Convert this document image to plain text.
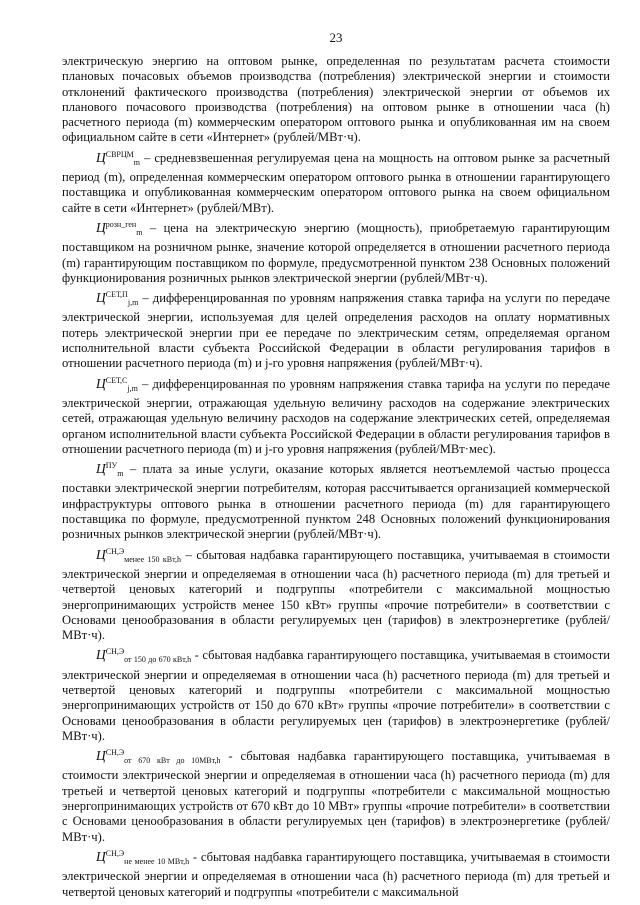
23

электрическую энергию на оптовом рынке, определенная по результатам расчета стоимости плановых почасовых объемов производства (потребления) электрической энергии и стоимости отклонений фактического производства (потребления) электрической энергии от объемов их планового почасового производства (потребления) на оптовом рынке в отношении часа (h) расчетного периода (m) коммерческим оператором оптового рынка и опубликованная им на своем официальном сайте в сети «Интернет» (рублей/МВт·ч).

$Ц^{СВРЦМ}_m$ – средневзвешенная регулируемая цена на мощность на оптовом рынке за расчетный период (m), определенная коммерческим оператором оптового рынка в отношении гарантирующего поставщика и опубликованная коммерческим оператором оптового рынка на своем официальном сайте в сети «Интернет» (рублей/МВт).

$Ц^{розн\_ген}_m$ – цена на электрическую энергию (мощность), приобретаемую гарантирующим поставщиком на розничном рынке, значение которой определяется в отношении расчетного периода (m) гарантирующим поставщиком по формуле, предусмотренной пунктом 238 Основных положений функционирования розничных рынков электрической энергии (рублей/МВт·ч).

$Ц^{СЕТ,П}_{j,m}$ – дифференцированная по уровням напряжения ставка тарифа на услуги по передаче электрической энергии, используемая для целей определения расходов на оплату нормативных потерь электрической энергии при ее передаче по электрическим сетям, определяемая органом исполнительной власти субъекта Российской Федерации в области регулирования тарифов в отношении расчетного периода (m) и j-го уровня напряжения (рублей/МВт·ч).

$Ц^{СЕТ,С}_{j,m}$ – дифференцированная по уровням напряжения ставка тарифа на услуги по передаче электрической энергии, отражающая удельную величину расходов на содержание электрических сетей, отражающая удельную величину расходов на содержание электрических сетей, определяемая органом исполнительной власти субъекта Российской Федерации в области регулирования тарифов в отношении расчетного периода (m) и j-го уровня напряжения (рублей/МВт·мес).

$Ц^{ПУ}_m$ – плата за иные услуги, оказание которых является неотъемлемой частью процесса поставки электрической энергии потребителям, которая рассчитывается организацией коммерческой инфраструктуры оптового рынка в отношении расчетного периода (m) для гарантирующего поставщика по формуле, предусмотренной пунктом 248 Основных положений функционирования розничных рынков электрической энергии (рублей/МВт·ч).

$Ц^{СН,Э}_{менее 150 кВт,h}$ – сбытовая надбавка гарантирующего поставщика, учитываемая в стоимости электрической энергии и определяемая в отношении часа (h) расчетного периода (m) для третьей и четвертой ценовых категорий и подгруппы «потребители с максимальной мощностью энергопринимающих устройств менее 150 кВт» группы «прочие потребители» в соответствии с Основами ценообразования в области регулируемых цен (тарифов) в электроэнергетике (рублей/МВт·ч).

$Ц^{СН,Э}_{от 150 до 670 кВт,h}$ - сбытовая надбавка гарантирующего поставщика, учитываемая в стоимости электрической энергии и определяемая в отношении часа (h) расчетного периода (m) для третьей и четвертой ценовых категорий и подгруппы «потребители с максимальной мощностью энергопринимающих устройств от 150 до 670 кВт» группы «прочие потребители» в соответствии с Основами ценообразования в области регулируемых цен (тарифов) в электроэнергетике (рублей/МВт·ч).

$Ц^{СН,Э}_{от 670 кВт до 10МВт,h}$ - сбытовая надбавка гарантирующего поставщика, учитываемая в стоимости электрической энергии и определяемая в отношении часа (h) расчетного периода (m) для третьей и четвертой ценовых категорий и подгруппы «потребители с максимальной мощностью энергопринимающих устройств от 670 кВт до 10 МВт» группы «прочие потребители» в соответствии с Основами ценообразования в области регулируемых цен (тарифов) в электроэнергетике (рублей/МВт·ч).

$Ц^{СН,Э}_{не менее 10 МВт,h}$ - сбытовая надбавка гарантирующего поставщика, учитываемая в стоимости электрической энергии и определяемая в отношении часа (h) расчетного периода (m) для третьей и четвертой ценовых категорий и подгруппы «потребители с максимальной
